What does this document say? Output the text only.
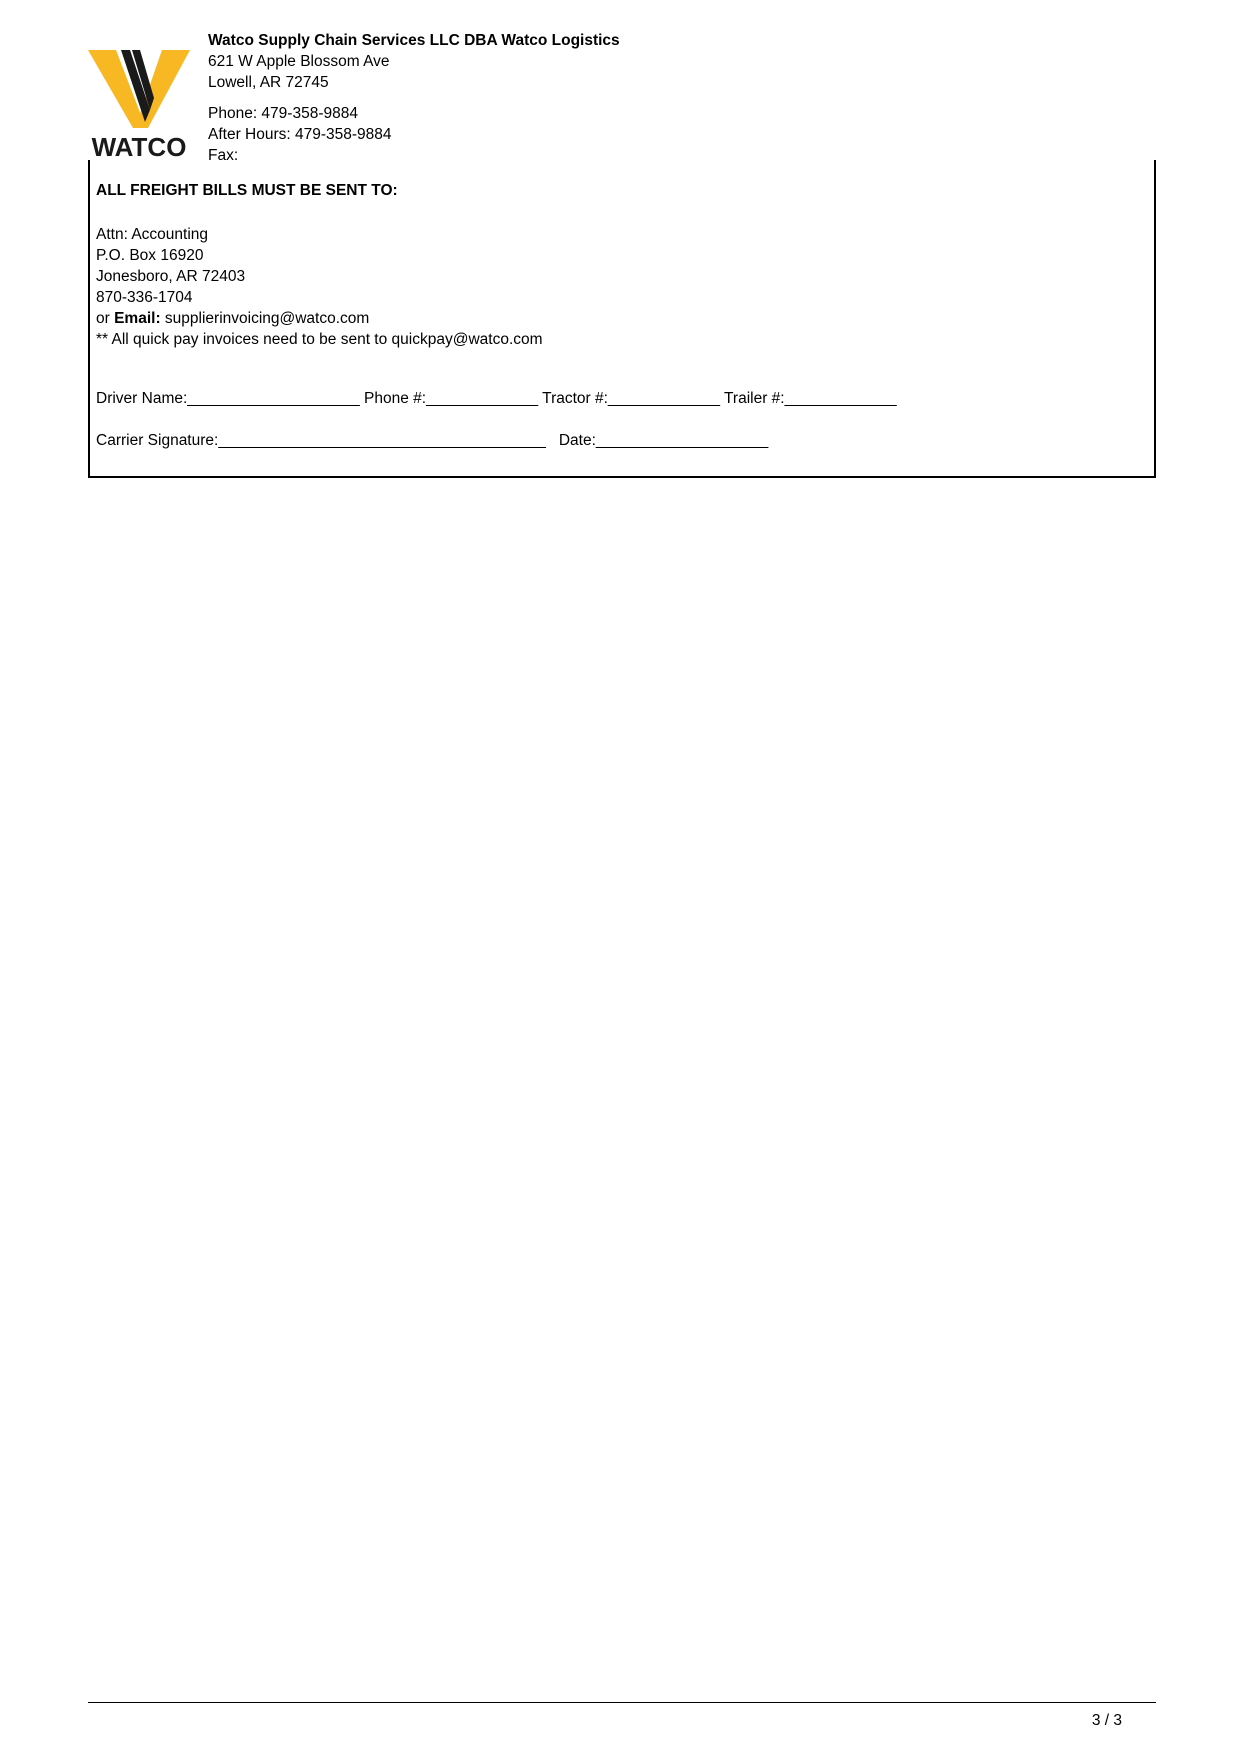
WATCO
Watco Supply Chain Services LLC DBA Watco Logistics
621 W Apple Blossom Ave
Lowell, AR 72745
Phone: 479-358-9884
After Hours: 479-358-9884
Fax:
ALL FREIGHT BILLS MUST BE SENT TO:
Attn: Accounting
P.O. Box 16920
Jonesboro, AR 72403
870-336-1704
or Email: supplierinvoicing@watco.com
** All quick pay invoices need to be sent to quickpay@watco.com
Driver Name:____________________ Phone #:_____________ Tractor #:_____________ Trailer #:_____________
Carrier Signature:______________________________________ Date:____________________
3 / 3
